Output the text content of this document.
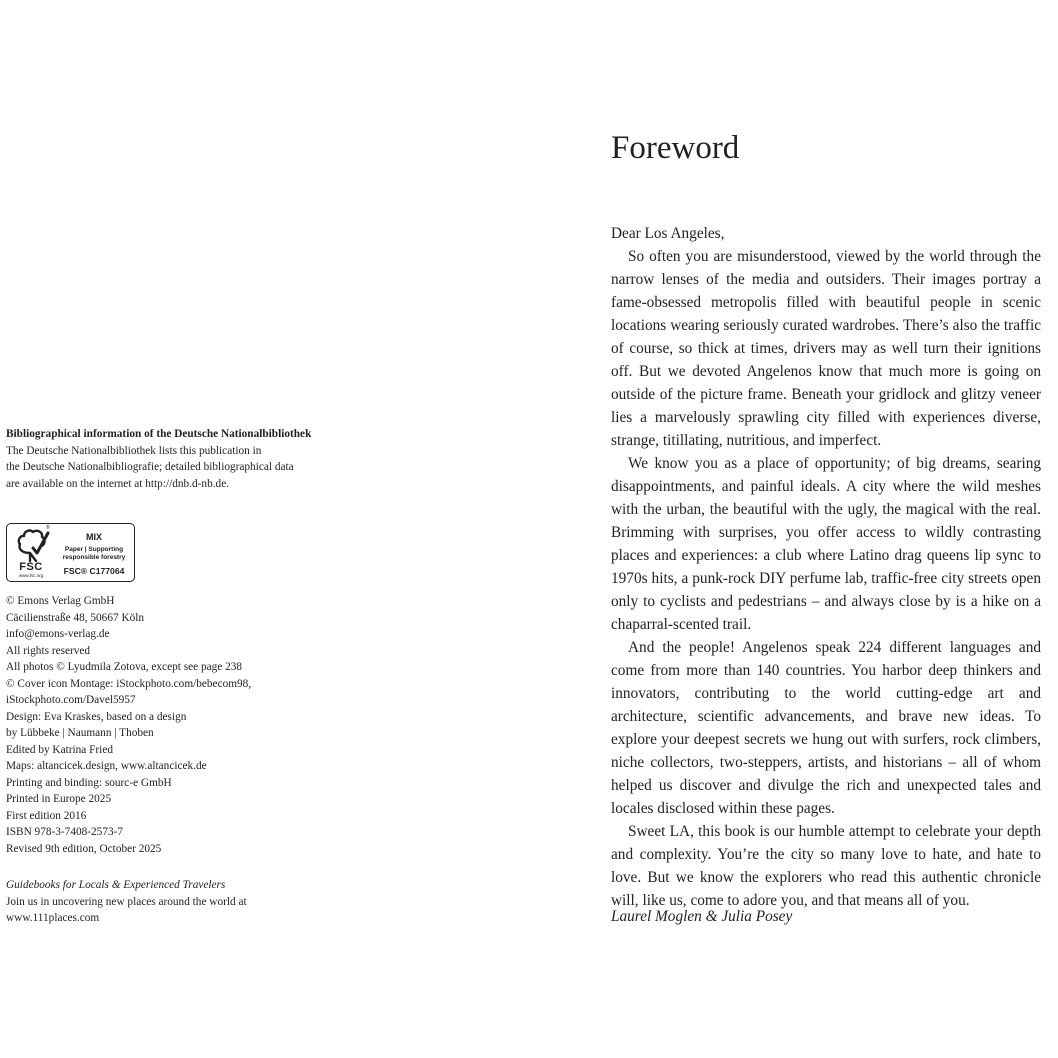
Bibliographical information of the Deutsche Nationalbibliothek
The Deutsche Nationalbibliothek lists this publication in
the Deutsche Nationalbibliografie; detailed bibliographical data
are available on the internet at http://dnb.d-nb.de.
®
FSC
www.fsc.org
MIX
Paper | Supporting
responsible forestry
FSC® C177064
© Emons Verlag GmbH
Cäcilienstraße 48, 50667 Köln
info@emons-verlag.de
All rights reserved
All photos © Lyudmila Zotova, except see page 238
© Cover icon Montage: iStockphoto.com/bebecom98,
iStockphoto.com/Davel5957
Design: Eva Kraskes, based on a design
by Lübbeke | Naumann | Thoben
Edited by Katrina Fried
Maps: altancicek.design, www.altancicek.de
Printing and binding: sourc-e GmbH
Printed in Europe 2025
First edition 2016
ISBN 978-3-7408-2573-7
Revised 9th edition, October 2025
Guidebooks for Locals & Experienced Travelers
Join us in uncovering new places around the world at
www.111places.com
Foreword
Dear Los Angeles,

So often you are misunderstood, viewed by the world through the narrow lenses of the media and outsiders. Their images portray a fame-obsessed metropolis filled with beautiful people in scenic locations wearing seriously curated wardrobes. There’s also the traffic of course, so thick at times, drivers may as well turn their ignitions off. But we devoted Angelenos know that much more is going on outside of the picture frame. Beneath your gridlock and glitzy veneer lies a marvelously sprawling city filled with experiences diverse, strange, titillating, nutritious, and imperfect.

We know you as a place of opportunity; of big dreams, searing disappointments, and painful ideals. A city where the wild meshes with the urban, the beautiful with the ugly, the magical with the real. Brimming with surprises, you offer access to wildly contrasting places and experiences: a club where Latino drag queens lip sync to 1970s hits, a punk-rock DIY perfume lab, traffic-free city streets open only to cyclists and pedestrians – and always close by is a hike on a chaparral-scented trail.

And the people! Angelenos speak 224 different languages and come from more than 140 countries. You harbor deep thinkers and innovators, contributing to the world cutting-edge art and architecture, scientific advancements, and brave new ideas. To explore your deepest secrets we hung out with surfers, rock climbers, niche collectors, two-steppers, artists, and historians – all of whom helped us discover and divulge the rich and unexpected tales and locales disclosed within these pages.

Sweet LA, this book is our humble attempt to celebrate your depth and complexity. You’re the city so many love to hate, and hate to love. But we know the explorers who read this authentic chronicle will, like us, come to adore you, and that means all of you.

Laurel Moglen & Julia Posey
